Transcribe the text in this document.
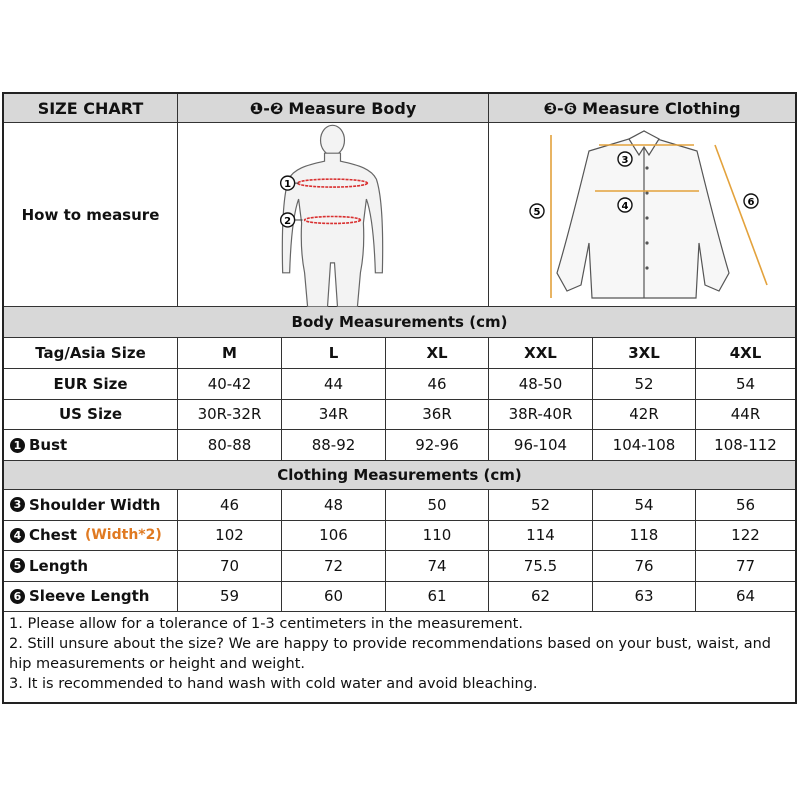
SIZE CHART	❶-❷ Measure Body	❸-❻ Measure Clothing
How to measure
1
2
3
4
5
6
Body Measurements (cm)
Tag/Asia Size	M	L	XL	XXL	3XL	4XL
EUR Size	40-42	44	46	48-50	52	54
US Size	30R-32R	34R	36R	38R-40R	42R	44R
1 Bust	80-88	88-92	92-96	96-104	104-108	108-112
Clothing Measurements (cm)
3 Shoulder Width	46	48	50	52	54	56
4 Chest (Width*2)	102	106	110	114	118	122
5 Length	70	72	74	75.5	76	77
6 Sleeve Length	59	60	61	62	63	64
1. Please allow for a tolerance of 1-3 centimeters in the measurement.
2. Still unsure about the size? We are happy to provide recommendations based on your bust, waist, and hip measurements or height and weight.
3. It is recommended to hand wash with cold water and avoid bleaching.
